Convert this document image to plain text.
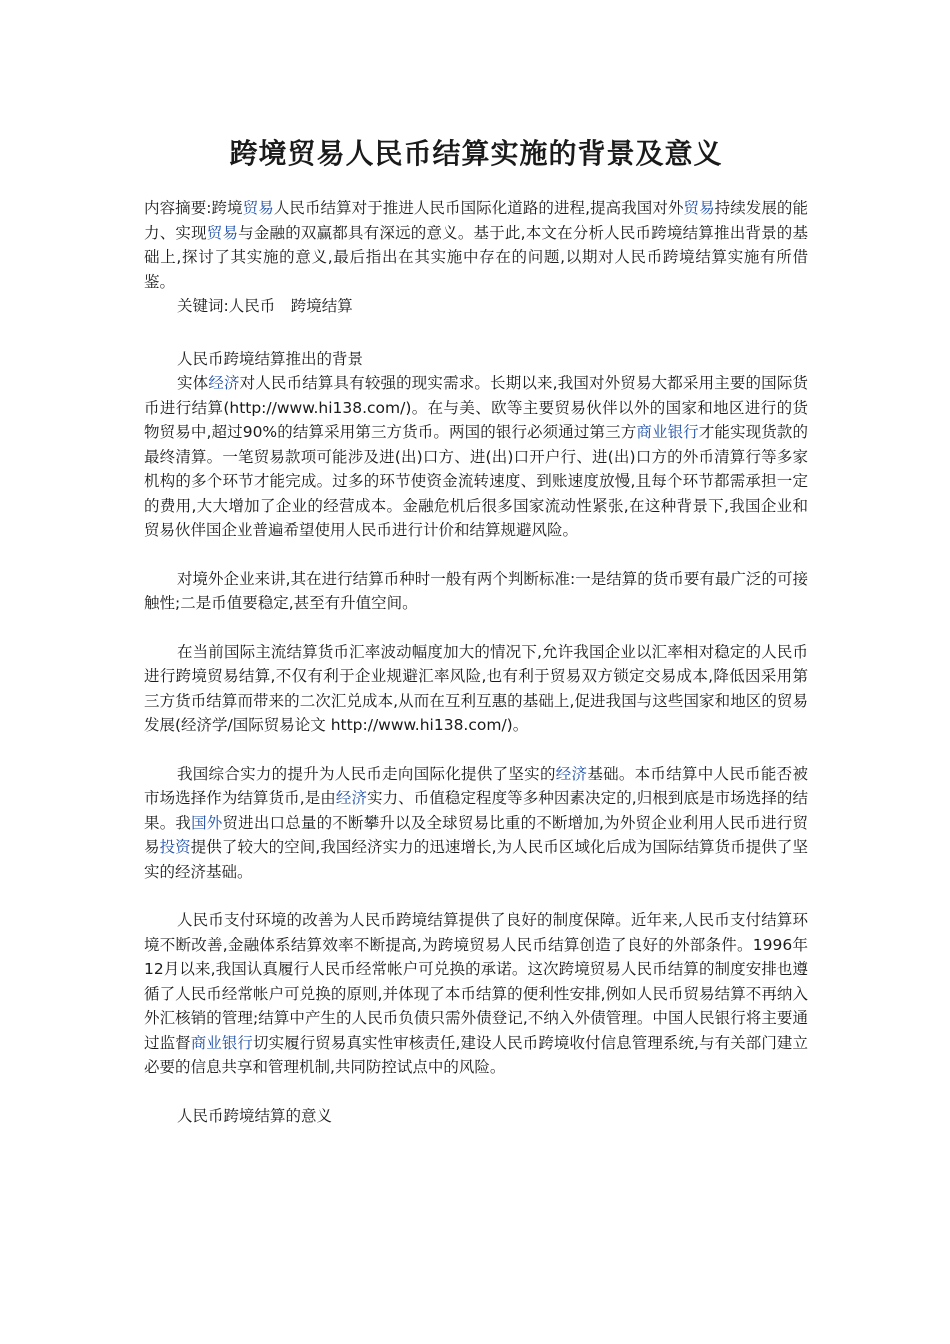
跨境贸易人民币结算实施的背景及意义

内容摘要:跨境贸易人民币结算对于推进人民币国际化道路的进程,提高我国对外贸易持续发展的能力、实现贸易与金融的双赢都具有深远的意义。基于此,本文在分析人民币跨境结算推出背景的基础上,探讨了其实施的意义,最后指出在其实施中存在的问题,以期对人民币跨境结算实施有所借鉴。

关键词:人民币　跨境结算

人民币跨境结算推出的背景

实体经济对人民币结算具有较强的现实需求。长期以来,我国对外贸易大都采用主要的国际货币进行结算(http://www.hi138.com/)。在与美、欧等主要贸易伙伴以外的国家和地区进行的货物贸易中,超过90%的结算采用第三方货币。两国的银行必须通过第三方商业银行才能实现货款的最终清算。一笔贸易款项可能涉及进(出)口方、进(出)口开户行、进(出)口方的外币清算行等多家机构的多个环节才能完成。过多的环节使资金流转速度、到账速度放慢,且每个环节都需承担一定的费用,大大增加了企业的经营成本。金融危机后很多国家流动性紧张,在这种背景下,我国企业和贸易伙伴国企业普遍希望使用人民币进行计价和结算规避风险。

对境外企业来讲,其在进行结算币种时一般有两个判断标准:一是结算的货币要有最广泛的可接触性;二是币值要稳定,甚至有升值空间。

在当前国际主流结算货币汇率波动幅度加大的情况下,允许我国企业以汇率相对稳定的人民币进行跨境贸易结算,不仅有利于企业规避汇率风险,也有利于贸易双方锁定交易成本,降低因采用第三方货币结算而带来的二次汇兑成本,从而在互利互惠的基础上,促进我国与这些国家和地区的贸易发展(经济学/国际贸易论文 http://www.hi138.com/)。

我国综合实力的提升为人民币走向国际化提供了坚实的经济基础。本币结算中人民币能否被市场选择作为结算货币,是由经济实力、币值稳定程度等多种因素决定的,归根到底是市场选择的结果。我国外贸进出口总量的不断攀升以及全球贸易比重的不断增加,为外贸企业利用人民币进行贸易投资提供了较大的空间,我国经济实力的迅速增长,为人民币区域化后成为国际结算货币提供了坚实的经济基础。

人民币支付环境的改善为人民币跨境结算提供了良好的制度保障。近年来,人民币支付结算环境不断改善,金融体系结算效率不断提高,为跨境贸易人民币结算创造了良好的外部条件。1996年12月以来,我国认真履行人民币经常帐户可兑换的承诺。这次跨境贸易人民币结算的制度安排也遵循了人民币经常帐户可兑换的原则,并体现了本币结算的便利性安排,例如人民币贸易结算不再纳入外汇核销的管理;结算中产生的人民币负债只需外债登记,不纳入外债管理。中国人民银行将主要通过监督商业银行切实履行贸易真实性审核责任,建设人民币跨境收付信息管理系统,与有关部门建立必要的信息共享和管理机制,共同防控试点中的风险。

人民币跨境结算的意义
